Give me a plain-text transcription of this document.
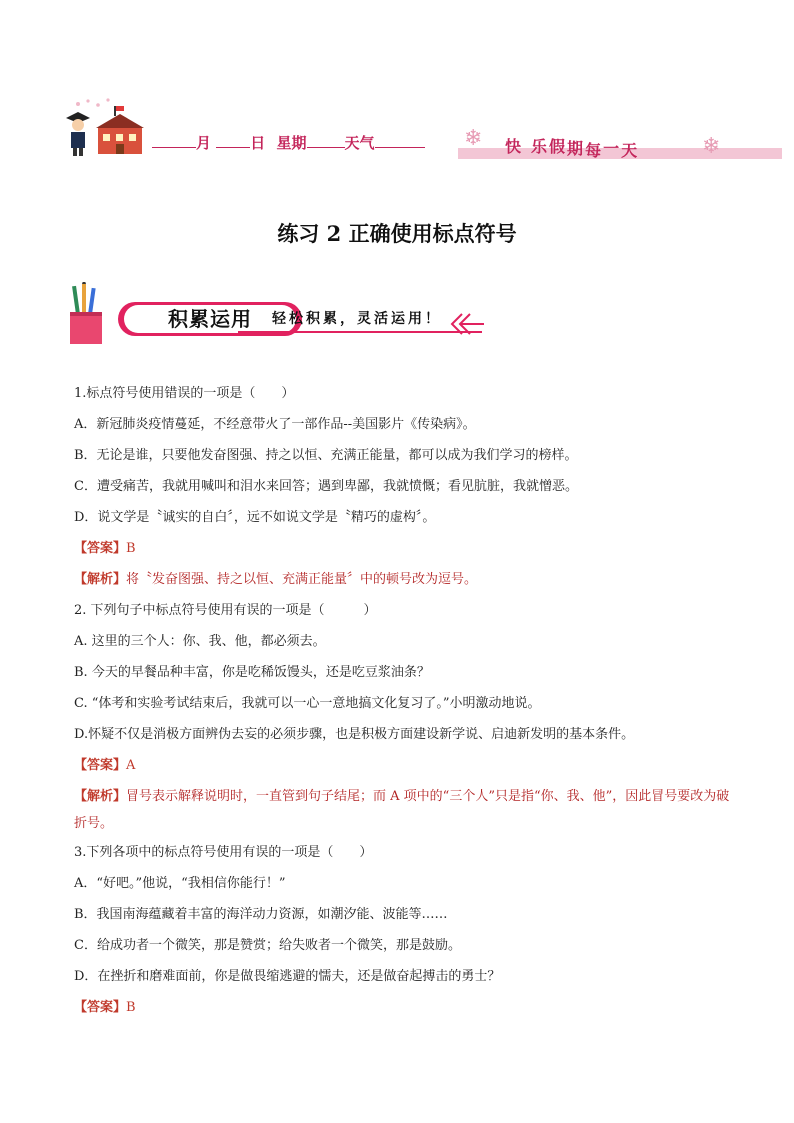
月	日 星期	天气	❄ 快 乐假期每一天	❄
练习 2 正确使用标点符号
积累运用	轻松积累，灵活运用！
1.标点符号使用错误的一项是（　　）
A．新冠肺炎疫情蔓延，不经意带火了一部作品--美国影片《传染病》。
B．无论是谁，只要他发奋图强、持之以恒、充满正能量，都可以成为我们学习的榜样。
C．遭受痛苦，我就用喊叫和泪水来回答；遇到卑鄙，我就愤慨；看见肮脏，我就憎恶。
D．说文学是〝诚实的自白〞，远不如说文学是〝精巧的虚构〞。
【答案】B
【解析】将〝发奋图强、持之以恒、充满正能量〞中的顿号改为逗号。
2. 下列句子中标点符号使用有误的一项是（　　　）
A. 这里的三个人：你、我、他，都必须去。
B. 今天的早餐品种丰富，你是吃稀饭馒头，还是吃豆浆油条？
C. “体考和实验考试结束后，我就可以一心一意地搞文化复习了。”小明激动地说。
D.怀疑不仅是消极方面辨伪去妄的必须步骤，也是积极方面建设新学说、启迪新发明的基本条件。
【答案】A
【解析】冒号表示解释说明时，一直管到句子结尾；而 A 项中的“三个人”只是指“你、我、他”，因此冒号要改为破折号。
3.下列各项中的标点符号使用有误的一项是（　　）
A．“好吧。”他说，“我相信你能行！”
B．我国南海蕴藏着丰富的海洋动力资源，如潮汐能、波能等……
C．给成功者一个微笑，那是赞赏；给失败者一个微笑，那是鼓励。
D．在挫折和磨难面前，你是做畏缩逃避的懦夫，还是做奋起搏击的勇士？
【答案】B
